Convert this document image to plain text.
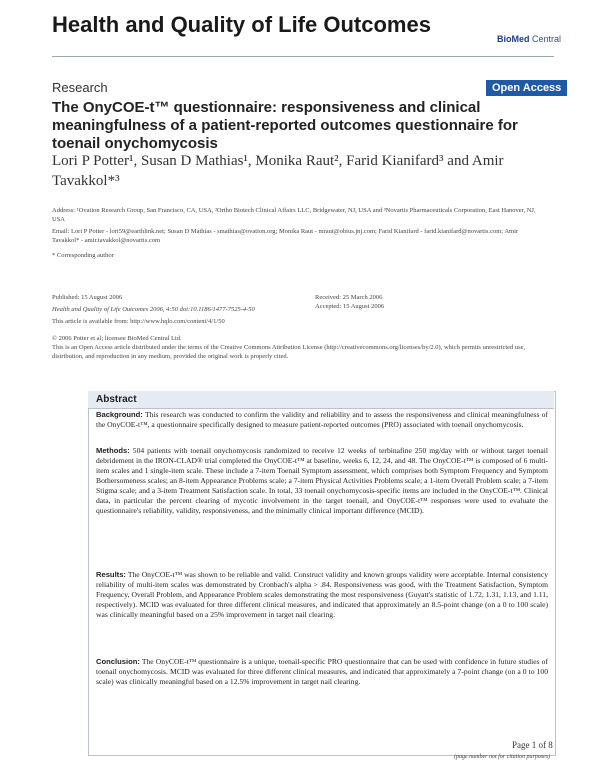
Health and Quality of Life Outcomes
BioMed Central
Research	Open Access
The OnyCOE-t™ questionnaire: responsiveness and clinical meaningfulness of a patient-reported outcomes questionnaire for toenail onychomycosis
Lori P Potter¹, Susan D Mathias¹, Monika Raut², Farid Kianifard³ and Amir Tavakkol*³
Address: ¹Ovation Research Group, San Francisco, CA, USA, ²Ortho Biotech Clinical Affairs LLC, Bridgewater, NJ, USA and ³Novartis Pharmaceuticals Corporation, East Hanover, NJ, USA
Email: Lori P Potter - lori59@earthlink.net; Susan D Mathias - smathias@ovation.org; Monika Raut - mraut@obius.jnj.com; Farid Kianifard - farid.kianifard@novartis.com; Amir Tavakkol* - amir.tavakkol@novartis.com
* Corresponding author
Published: 15 August 2006
Health and Quality of Life Outcomes 2006, 4:50 doi:10.1186/1477-7525-4-50
This article is available from: http://www.hqlo.com/content/4/1/50
Received: 25 March 2006
Accepted: 15 August 2006
© 2006 Potter et al; licensee BioMed Central Ltd.
This is an Open Access article distributed under the terms of the Creative Commons Attribution License (http://creativecommons.org/licenses/by/2.0), which permits unrestricted use, distribution, and reproduction in any medium, provided the original work is properly cited.
Abstract
Background: This research was conducted to confirm the validity and reliability and to assess the responsiveness and clinical meaningfulness of the OnyCOE-t™, a questionnaire specifically designed to measure patient-reported outcomes (PRO) associated with toenail onychomycosis.
Methods: 504 patients with toenail onychomycosis randomized to receive 12 weeks of terbinafine 250 mg/day with or without target toenail debridement in the IRON-CLAD® trial completed the OnyCOE-t™ at baseline, weeks 6, 12, 24, and 48. The OnyCOE-t™ is composed of 6 multi-item scales and 1 single-item scale. These include a 7-item Toenail Symptom assessment, which comprises both Symptom Frequency and Symptom Bothersomeness scales; an 8-item Appearance Problems scale; a 7-item Physical Activities Problems scale; a 1-item Overall Problem scale; a 7-item Stigma scale; and a 3-item Treatment Satisfaction scale. In total, 33 toenail onychomycosis-specific items are included in the OnyCOE-t™. Clinical data, in particular the percent clearing of mycotic involvement in the target toenail, and OnyCOE-t™ responses were used to evaluate the questionnaire's reliability, validity, responsiveness, and the minimally clinical important difference (MCID).
Results: The OnyCOE-t™ was shown to be reliable and valid. Construct validity and known groups validity were acceptable. Internal consistency reliability of multi-item scales was demonstrated by Cronbach's alpha > .84. Responsiveness was good, with the Treatment Satisfaction, Symptom Frequency, Overall Problem, and Appearance Problem scales demonstrating the most responsiveness (Guyatt's statistic of 1.72, 1.31, 1.13, and 1.11, respectively). MCID was evaluated for three different clinical measures, and indicated that approximately an 8.5-point change (on a 0 to 100 scale) was clinically meaningful based on a 25% improvement in target nail clearing.
Conclusion: The OnyCOE-t™ questionnaire is a unique, toenail-specific PRO questionnaire that can be used with confidence in future studies of toenail onychomycosis. MCID was evaluated for three different clinical measures, and indicated that approximately a 7-point change (on a 0 to 100 scale) was clinically meaningful based on a 12.5% improvement in target nail clearing.
Page 1 of 8
(page number not for citation purposes)
